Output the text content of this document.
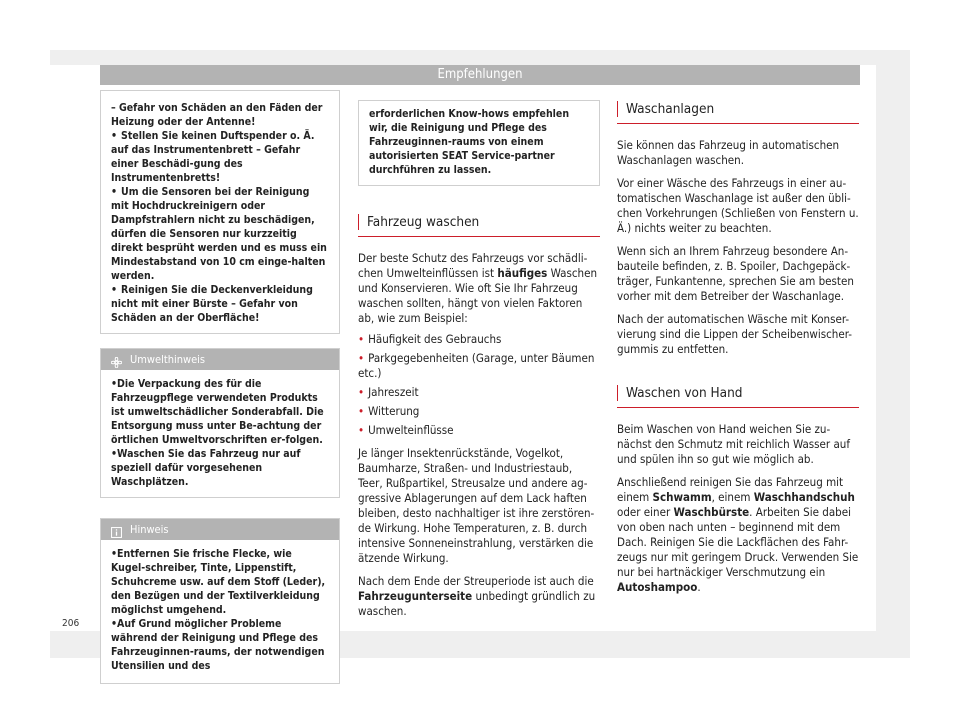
Empfehlungen

– Gefahr von Schäden an den Fäden der Heizung oder der Antenne!

• Stellen Sie keinen Duftspender o. Ä. auf das Instrumentenbrett – Gefahr einer Beschädi-gung des Instrumentenbretts!

• Um die Sensoren bei der Reinigung mit Hochdruckreinigern oder Dampfstrahlern nicht zu beschädigen, dürfen die Sensoren nur kurzzeitig direkt besprüht werden und es muss ein Mindestabstand von 10 cm einge-halten werden.

• Reinigen Sie die Deckenverkleidung nicht mit einer Bürste – Gefahr von Schäden an der Oberfläche!

Umwelthinweis

•Die Verpackung des für die Fahrzeugpflege verwendeten Produkts ist umweltschädlicher Sonderabfall. Die Entsorgung muss unter Be-achtung der örtlichen Umweltvorschriften er-folgen.

•Waschen Sie das Fahrzeug nur auf speziell dafür vorgesehenen Waschplätzen.

Hinweis

•Entfernen Sie frische Flecke, wie Kugel-schreiber, Tinte, Lippenstift, Schuhcreme usw. auf dem Stoff (Leder), den Bezügen und der Textilverkleidung möglichst umgehend.

•Auf Grund möglicher Probleme während der Reinigung und Pflege des Fahrzeuginnen-raums, der notwendigen Utensilien und des

erforderlichen Know-hows empfehlen wir, die Reinigung und Pflege des Fahrzeuginnen-raums von einem autorisierten SEAT Service-partner durchführen zu lassen.

Fahrzeug waschen

Der beste Schutz des Fahrzeugs vor schädli-chen Umwelteinflüssen ist häufiges Waschen und Konservieren. Wie oft Sie Ihr Fahrzeug waschen sollten, hängt von vielen Faktoren ab, wie zum Beispiel:

• Häufigkeit des Gebrauchs

• Parkgegebenheiten (Garage, unter Bäumen etc.)

• Jahreszeit

• Witterung

• Umwelteinflüsse

Je länger Insektenrückstände, Vogelkot, Baumharze, Straßen- und Industriestaub, Teer, Rußpartikel, Streusalze und andere ag-gressive Ablagerungen auf dem Lack haften bleiben, desto nachhaltiger ist ihre zerstören-de Wirkung. Hohe Temperaturen, z. B. durch intensive Sonneneinstrahlung, verstärken die ätzende Wirkung.

Nach dem Ende der Streuperiode ist auch die Fahrzeugunterseite unbedingt gründlich zu waschen.

Waschanlagen

Sie können das Fahrzeug in automatischen Waschanlagen waschen.

Vor einer Wäsche des Fahrzeugs in einer au-tomatischen Waschanlage ist außer den übli-chen Vorkehrungen (Schließen von Fenstern u. Ä.) nichts weiter zu beachten.

Wenn sich an Ihrem Fahrzeug besondere An-bauteile befinden, z. B. Spoiler, Dachgepäck-träger, Funkantenne, sprechen Sie am besten vorher mit dem Betreiber der Waschanlage.

Nach der automatischen Wäsche mit Konser-vierung sind die Lippen der Scheibenwischer-gummis zu entfetten.

Waschen von Hand

Beim Waschen von Hand weichen Sie zu-nächst den Schmutz mit reichlich Wasser auf und spülen ihn so gut wie möglich ab.

Anschließend reinigen Sie das Fahrzeug mit einem Schwamm, einem Waschhandschuh oder einer Waschbürste. Arbeiten Sie dabei von oben nach unten – beginnend mit dem Dach. Reinigen Sie die Lackflächen des Fahr-zeugs nur mit geringem Druck. Verwenden Sie nur bei hartnäckiger Verschmutzung ein Autoshampoo.

206
